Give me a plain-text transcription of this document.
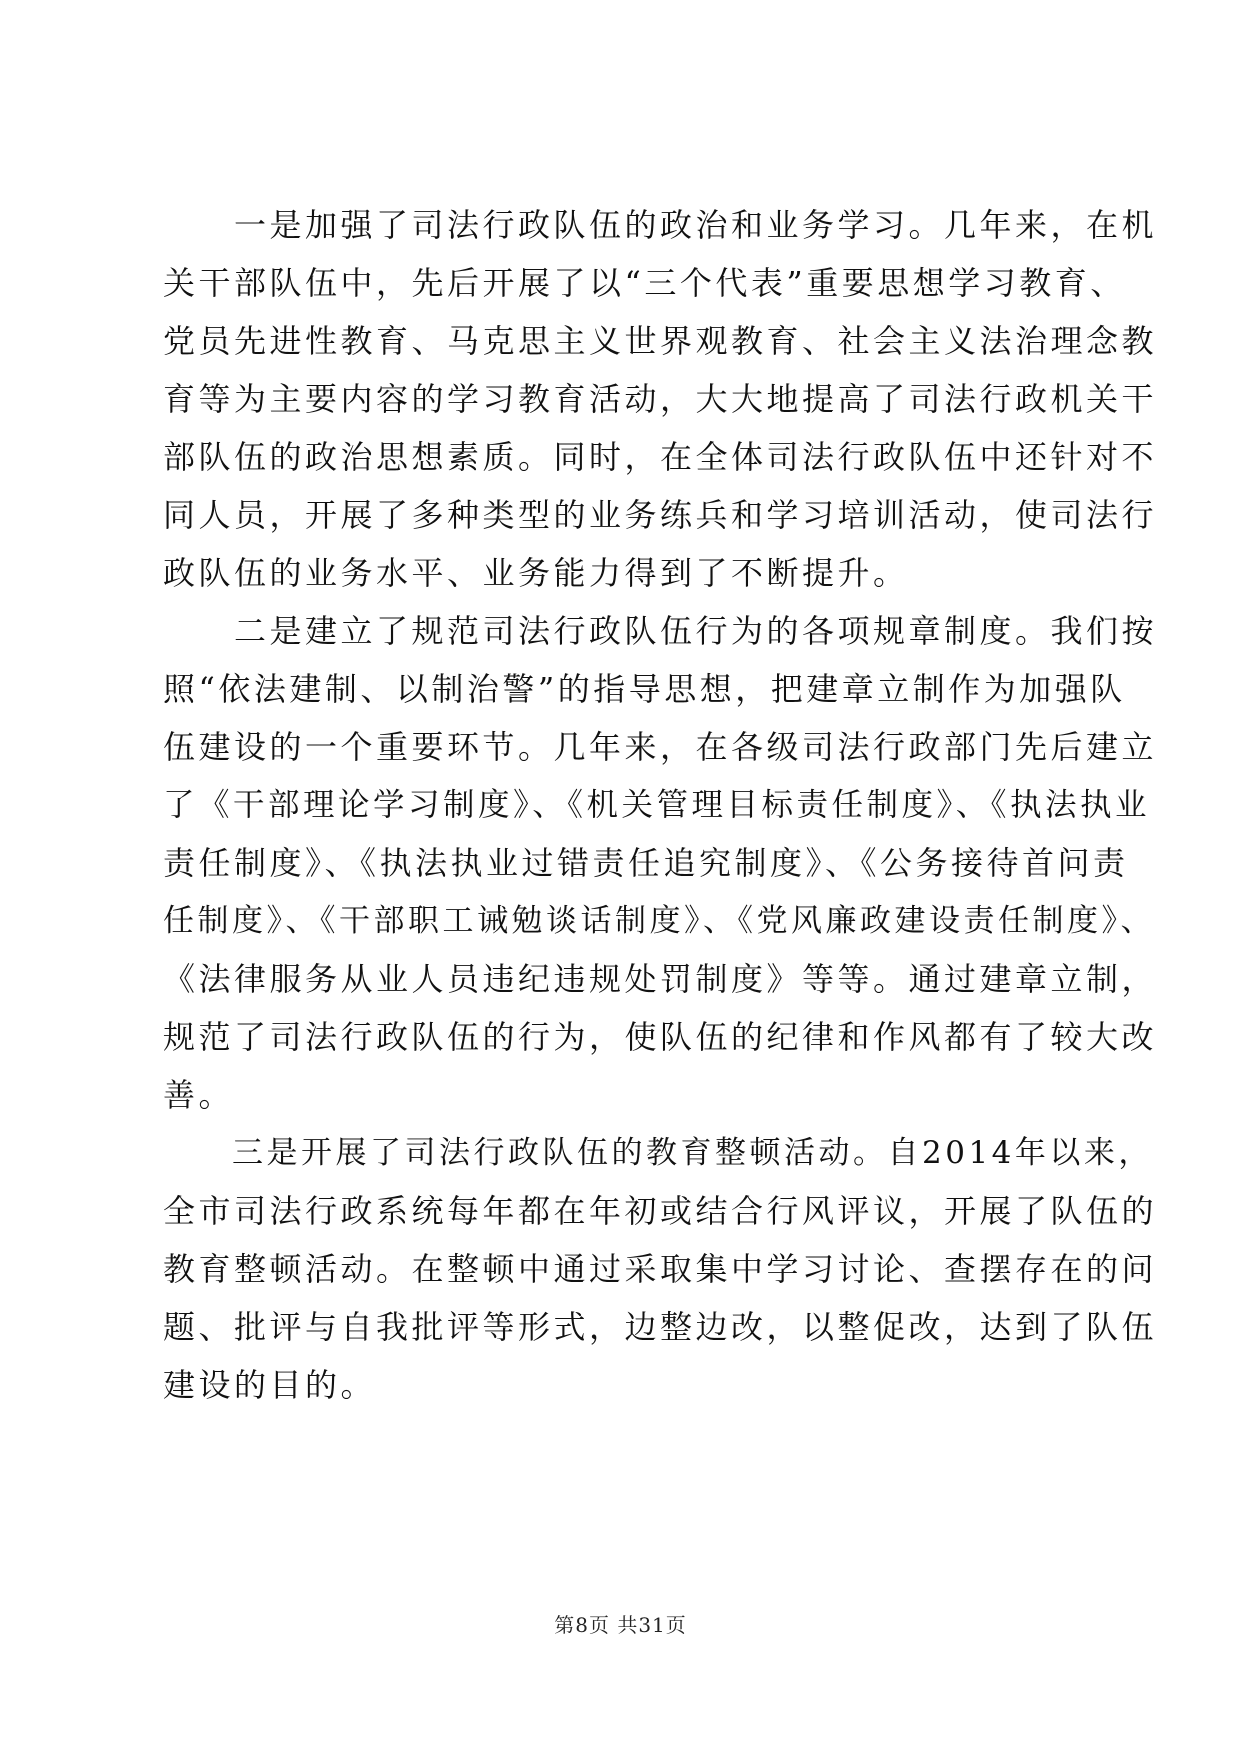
　　一是加强了司法行政队伍的政治和业务学习。几年来，在机
关干部队伍中，先后开展了以“三个代表”重要思想学习教育、
党员先进性教育、马克思主义世界观教育、社会主义法治理念教
育等为主要内容的学习教育活动，大大地提高了司法行政机关干
部队伍的政治思想素质。同时，在全体司法行政队伍中还针对不
同人员，开展了多种类型的业务练兵和学习培训活动，使司法行
政队伍的业务水平、业务能力得到了不断提升。
　　二是建立了规范司法行政队伍行为的各项规章制度。我们按
照“依法建制、以制治警”的指导思想，把建章立制作为加强队
伍建设的一个重要环节。几年来，在各级司法行政部门先后建立
了《干部理论学习制度》、《机关管理目标责任制度》、《执法执业
责任制度》、《执法执业过错责任追究制度》、《公务接待首问责
任制度》、《干部职工诫勉谈话制度》、《党风廉政建设责任制度》、
《法律服务从业人员违纪违规处罚制度》等等。通过建章立制，
规范了司法行政队伍的行为，使队伍的纪律和作风都有了较大改
善。
　　三是开展了司法行政队伍的教育整顿活动。自2014年以来，
全市司法行政系统每年都在年初或结合行风评议，开展了队伍的
教育整顿活动。在整顿中通过采取集中学习讨论、查摆存在的问
题、批评与自我批评等形式，边整边改，以整促改，达到了队伍
建设的目的。
第8页 共31页
